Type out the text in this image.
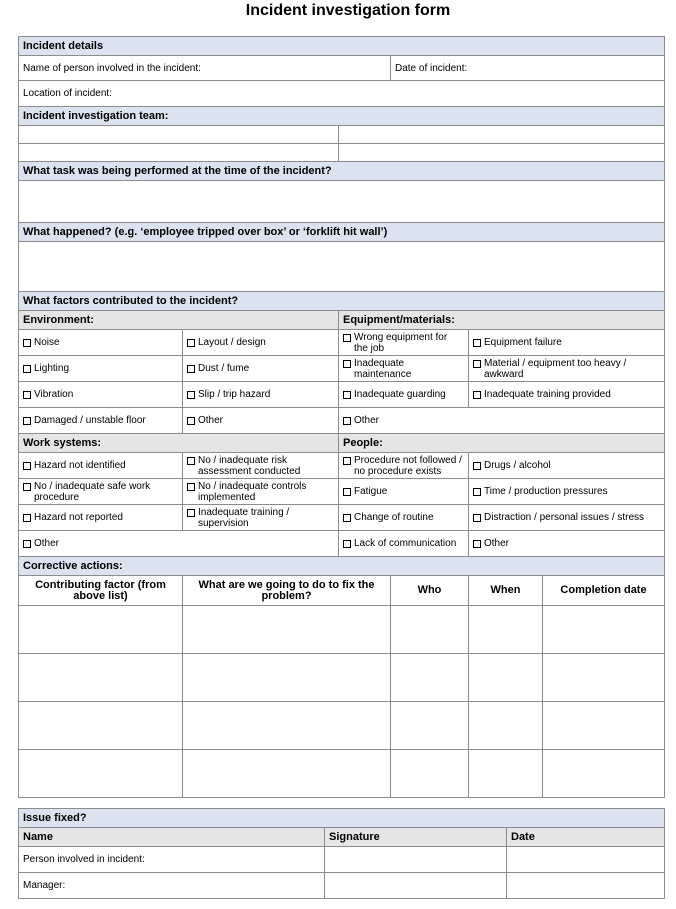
Incident investigation form
Incident details					
Name of person involved in the incident:			Date of incident:		
Location of incident:					
Incident investigation team:					

What task was being performed at the time of the incident?					

What happened? (e.g. ‘employee tripped over box’ or ‘forklift hit wall’)					

What factors contributed to the incident?					
Environment:		Equipment/materials:			
Noise	Layout / design	Wrong equipment for the job		Equipment failure	
Lighting	Dust / fume	Inadequate maintenance		Material / equipment too heavy / awkward	
Vibration	Slip / trip hazard	Inadequate guarding		Inadequate training provided	
Damaged / unstable floor	Other	Other			
Work systems:		People:			
Hazard not identified	No / inadequate risk assessment conducted	Procedure not followed / no procedure exists		Drugs / alcohol	
No / inadequate safe work procedure	No / inadequate controls implemented	Fatigue		Time / production pressures	
Hazard not reported	Inadequate training / supervision	Change of routine		Distraction / personal issues / stress	
Other		Lack of communication		Other	
Corrective actions:					
Contributing factor (from above list)	What are we going to do to fix the problem?		Who	When	Completion date

Issue fixed?		
Name	Signature	Date
Person involved in incident:		
Manager:		
